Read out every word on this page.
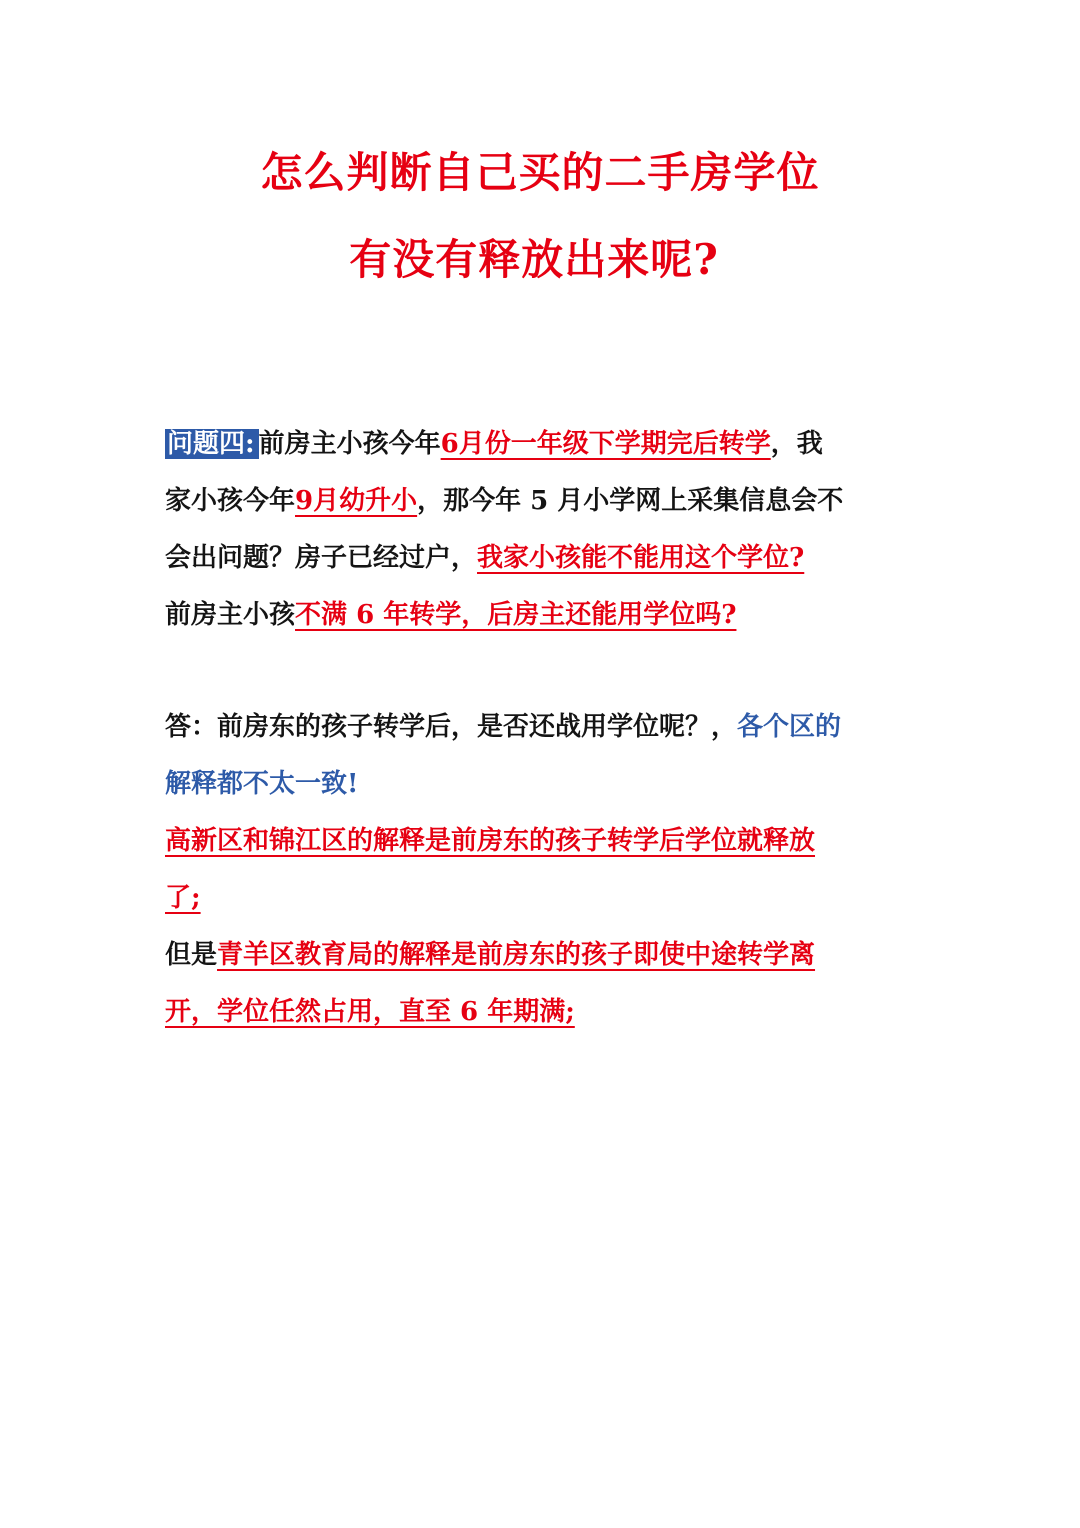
怎么判断自己买的二手房学位
有没有释放出来呢?
问题四: 前房主小孩今年6月份一年级下学期完后转学，我
家小孩今年9月幼升小，那今年 5 月小学网上采集信息会不
会出问题？房子已经过户，我家小孩能不能用这个学位?
前房主小孩不满 6 年转学，后房主还能用学位吗?
答：前房东的孩子转学后，是否还战用学位呢？，各个区的
解释都不太一致!
高新区和锦江区的解释是前房东的孩子转学后学位就释放
了;
但是青羊区教育局的解释是前房东的孩子即使中途转学离
开，学位任然占用，直至 6 年期满;
